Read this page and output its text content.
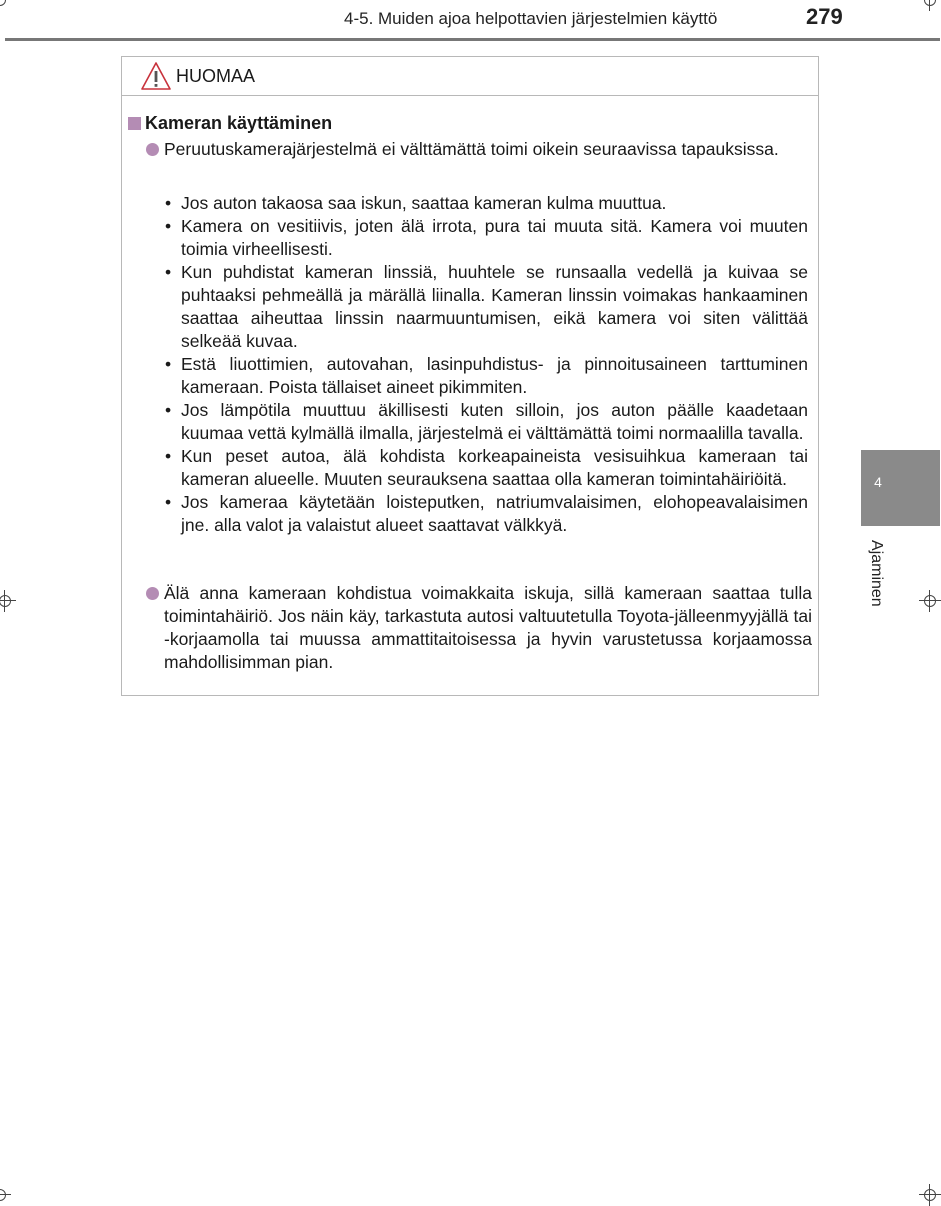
4-5. Muiden ajoa helpottavien järjestelmien käyttö	279
HUOMAA
Kameran käyttäminen
Peruutuskamerajärjestelmä ei välttämättä toimi oikein seuraavissa tapauksissa.
• Jos auton takaosa saa iskun, saattaa kameran kulma muuttua.
• Kamera on vesitiivis, joten älä irrota, pura tai muuta sitä. Kamera voi muuten toimia virheellisesti.
• Kun puhdistat kameran linssiä, huuhtele se runsaalla vedellä ja kuivaa se puhtaaksi pehmeällä ja märällä liinalla. Kameran linssin voimakas hankaaminen saattaa aiheuttaa linssin naarmuuntumisen, eikä kamera voi siten välittää selkeää kuvaa.
• Estä liuottimien, autovahan, lasinpuhdistus- ja pinnoitusaineen tarttuminen kameraan. Poista tällaiset aineet pikimmiten.
• Jos lämpötila muuttuu äkillisesti kuten silloin, jos auton päälle kaadetaan kuumaa vettä kylmällä ilmalla, järjestelmä ei välttämättä toimi normaalilla tavalla.
• Kun peset autoa, älä kohdista korkeapaineista vesisuihkua kameraan tai kameran alueelle. Muuten seurauksena saattaa olla kameran toimintahäiriöitä.
• Jos kameraa käytetään loisteputken, natriumvalaisimen, elohopeavalaisimen jne. alla valot ja valaistut alueet saattavat välkkyä.
Älä anna kameraan kohdistua voimakkaita iskuja, sillä kameraan saattaa tulla toimintahäiriö. Jos näin käy, tarkastuta autosi valtuutetulla Toyota-jälleenmyyjällä tai -korjaamolla tai muussa ammattitaitoisessa ja hyvin varustetussa korjaamossa mahdollisimman pian.
4
Ajaminen
